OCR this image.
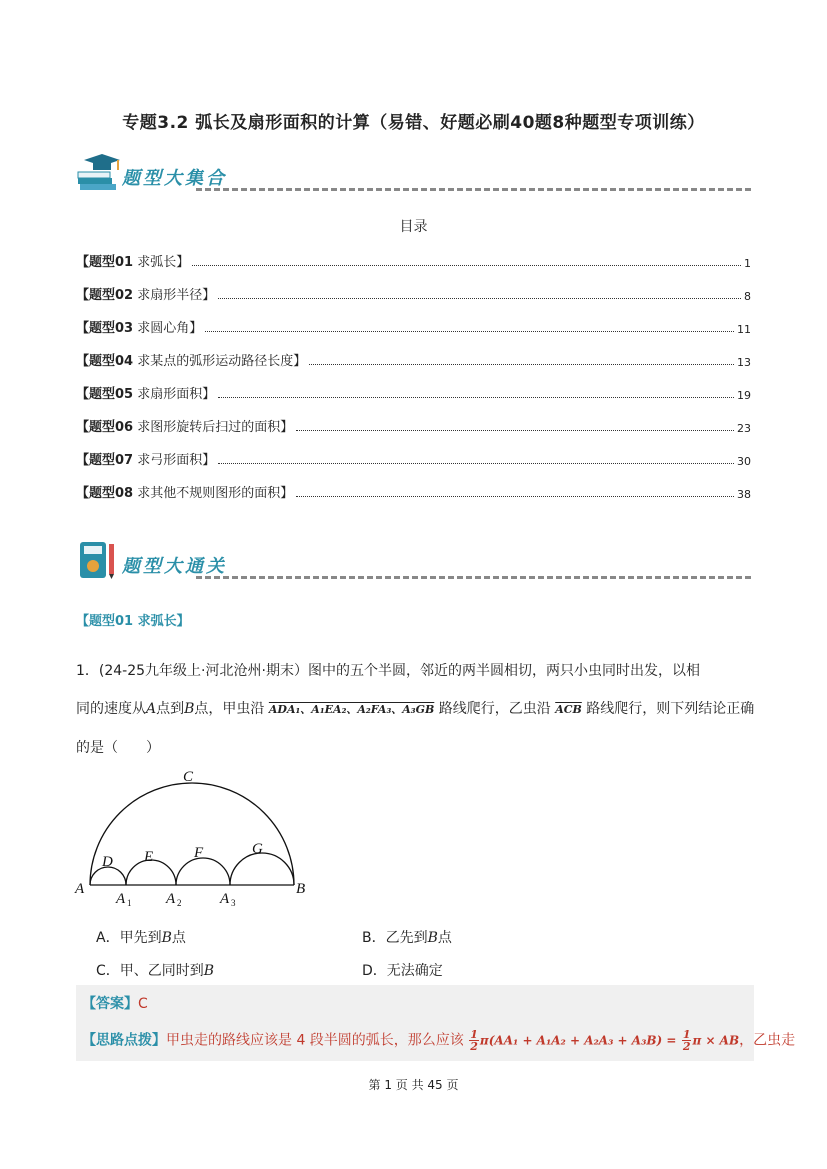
专题3.2 弧长及扇形面积的计算（易错、好题必刷40题8种题型专项训练）
题型大集合
目录
【题型01 求弧长】	1
【题型02 求扇形半径】	8
【题型03 求圆心角】	11
【题型04 求某点的弧形运动路径长度】	13
【题型05 求扇形面积】	19
【题型06 求图形旋转后扫过的面积】	23
【题型07 求弓形面积】	30
【题型08 求其他不规则图形的面积】	38
题型大通关
【题型01 求弧长】
1．(24-25九年级上·河北沧州·期末）图中的五个半圆，邻近的两半圆相切，两只小虫同时出发，以相
同的速度从A点到B点，甲虫沿 ADA₁、A₁EA₂、A₂FA₃、A₃GB 路线爬行，乙虫沿 $\overline{ACB}$ 路线爬行，则下列结论正确
的是（　　）
A	B
C
D E	F	G
A	A	A
1	2	3
A．甲先到B点	B．乙先到B点
C．甲、乙同时到B	D．无法确定
【答案】C
【思路点拨】甲虫走的路线应该是 4 段半圆的弧长，那么应该 $\frac{1}{2}\pi(AA_1 + A_1A_2 + A_2A_3 + A_3B) = \frac{1}{2}\pi$ × AB，乙虫走
第 1 页 共 45 页
